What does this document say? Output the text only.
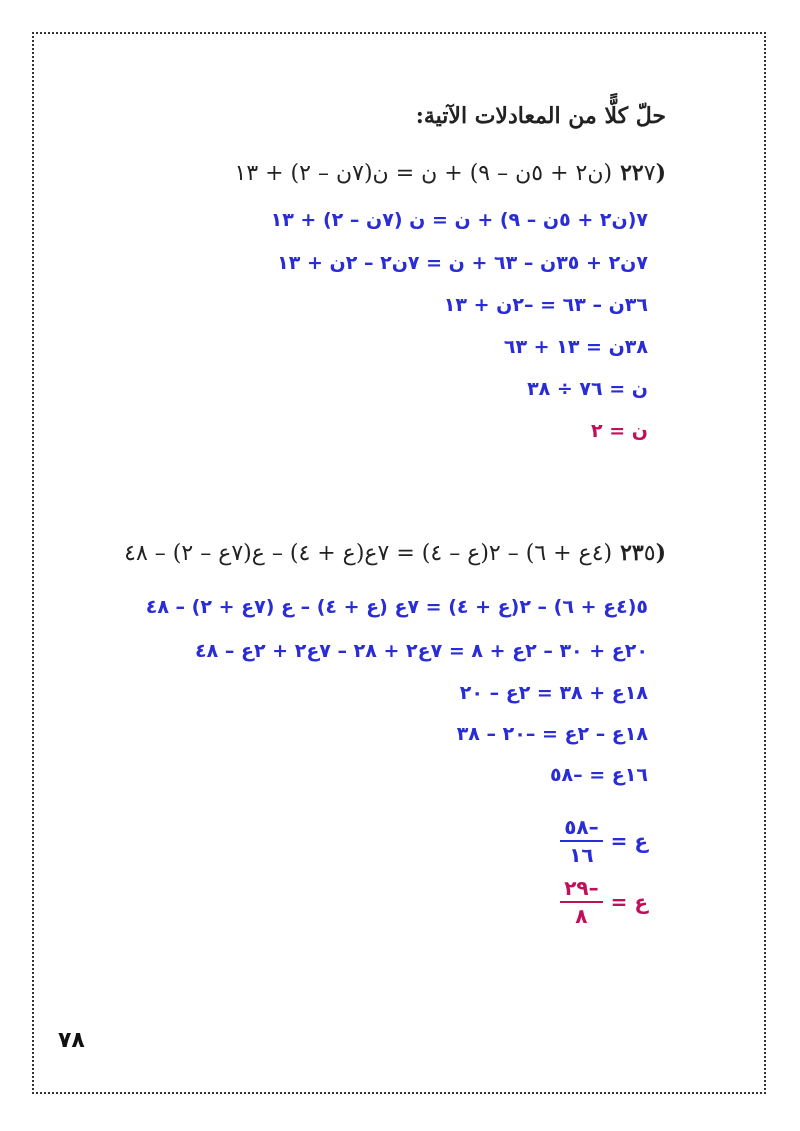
حلّ كلًّا من المعادلات الآتية:
(٢٢٧(ن٢ + ٥ن – ٩) + ن = ن(٧ن – ٢) + ١٣
٧(ن٢ + ٥ن – ٩) + ن = ن (٧ن – ٢) + ١٣
٧ن٢ + ٣٥ن – ٦٣ + ن = ٧ن٢ – ٢ن + ١٣
٣٦ن – ٦٣ = –٢ن + ١٣
٣٨ن = ١٣ + ٦٣
ن = ٧٦ ÷ ٣٨
ن = ٢
(٢٣٥(٤ع + ٦) – ٢(ع – ٤) = ٧ع(ع + ٤) – ع(٧ع – ٢) – ٤٨
٥(٤ع + ٦) – ٢(ع + ٤) = ٧ع (ع + ٤) – ع (٧ع + ٢) – ٤٨
٢٠ع + ٣٠ – ٢ع + ٨ = ٧ع٢ + ٢٨ – ٧ع٢ + ٢ع – ٤٨
١٨ع + ٣٨ = ٢ع – ٢٠
١٨ع – ٢ع = –٢٠ – ٣٨
١٦ع = –٥٨
ع =
–٥٨
١٦
ع =
–٢٩
٨
٧٨
